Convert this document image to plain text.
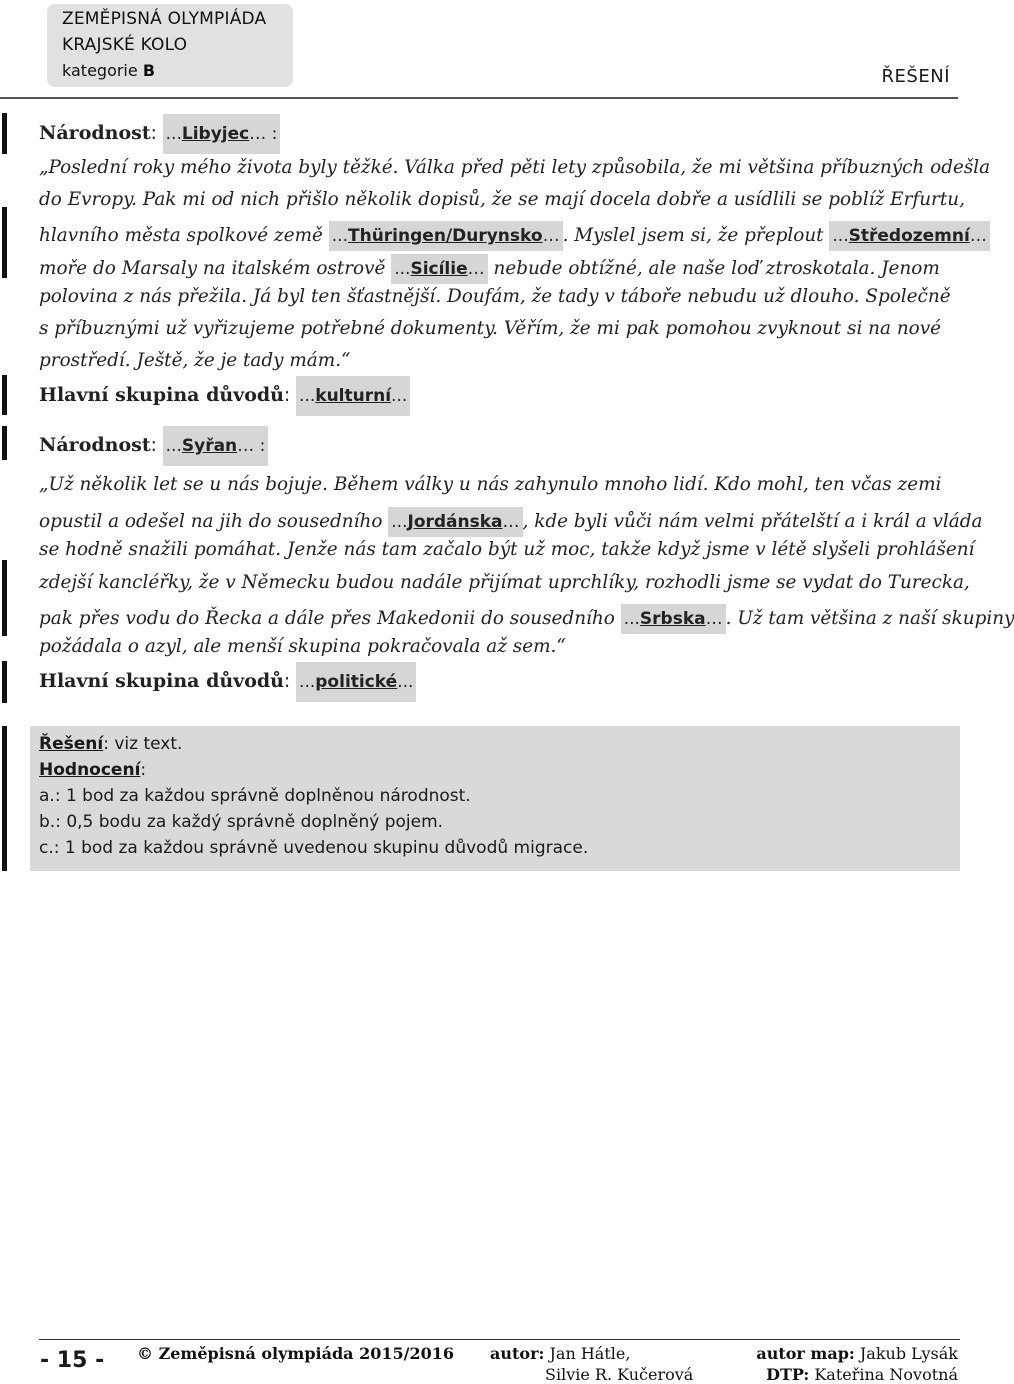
ZEMĚPISNÁ OLYMPIÁDA
KRAJSKÉ KOLO
kategorie B	ŘEŠENÍ
Národnost: ...Libyjec… :
„Poslední roky mého života byly těžké. Válka před pěti lety způsobila, že mi většina příbuzných odešla
do Evropy. Pak mi od nich přišlo několik dopisů, že se mají docela dobře a usídlili se poblíž Erfurtu,
hlavního města spolkové země ...Thüringen/Durynsko… . Myslel jsem si, že přeplout ...Středozemní…
moře do Marsaly na italském ostrově ...Sicílie… nebude obtížné, ale naše loď ztroskotala. Jenom
polovina z nás přežila. Já byl ten šťastnější. Doufám, že tady v táboře nebudu už dlouho. Společně
s příbuznými už vyřizujeme potřebné dokumenty. Věřím, že mi pak pomohou zvyknout si na nové
prostředí. Ještě, že je tady mám.“
Hlavní skupina důvodů: ...kulturní...
Národnost: ...Syřan… :
„Už několik let se u nás bojuje. Během války u nás zahynulo mnoho lidí. Kdo mohl, ten včas zemi
opustil a odešel na jih do sousedního ...Jordánska… , kde byli vůči nám velmi přátelští a i král a vláda
se hodně snažili pomáhat. Jenže nás tam začalo být už moc, takže když jsme v létě slyšeli prohlášení
zdejší kancléřky, že v Německu budou nadále přijímat uprchlíky, rozhodli jsme se vydat do Turecka,
pak přes vodu do Řecka a dále přes Makedonii do sousedního ...Srbska… . Už tam většina z naší skupiny
požádala o azyl, ale menší skupina pokračovala až sem.“
Hlavní skupina důvodů: ...politické...
Řešení: viz text.
Hodnocení:
a.: 1 bod za každou správně doplněnou národnost.
b.: 0,5 bodu za každý správně doplněný pojem.
c.: 1 bod za každou správně uvedenou skupinu důvodů migrace.
- 15 - © Zeměpisná olympiáda 2015/2016 autor: Jan Hátle,
Silvie R. Kučerová
autor map: Jakub Lysák
DTP: Kateřina Novotná
